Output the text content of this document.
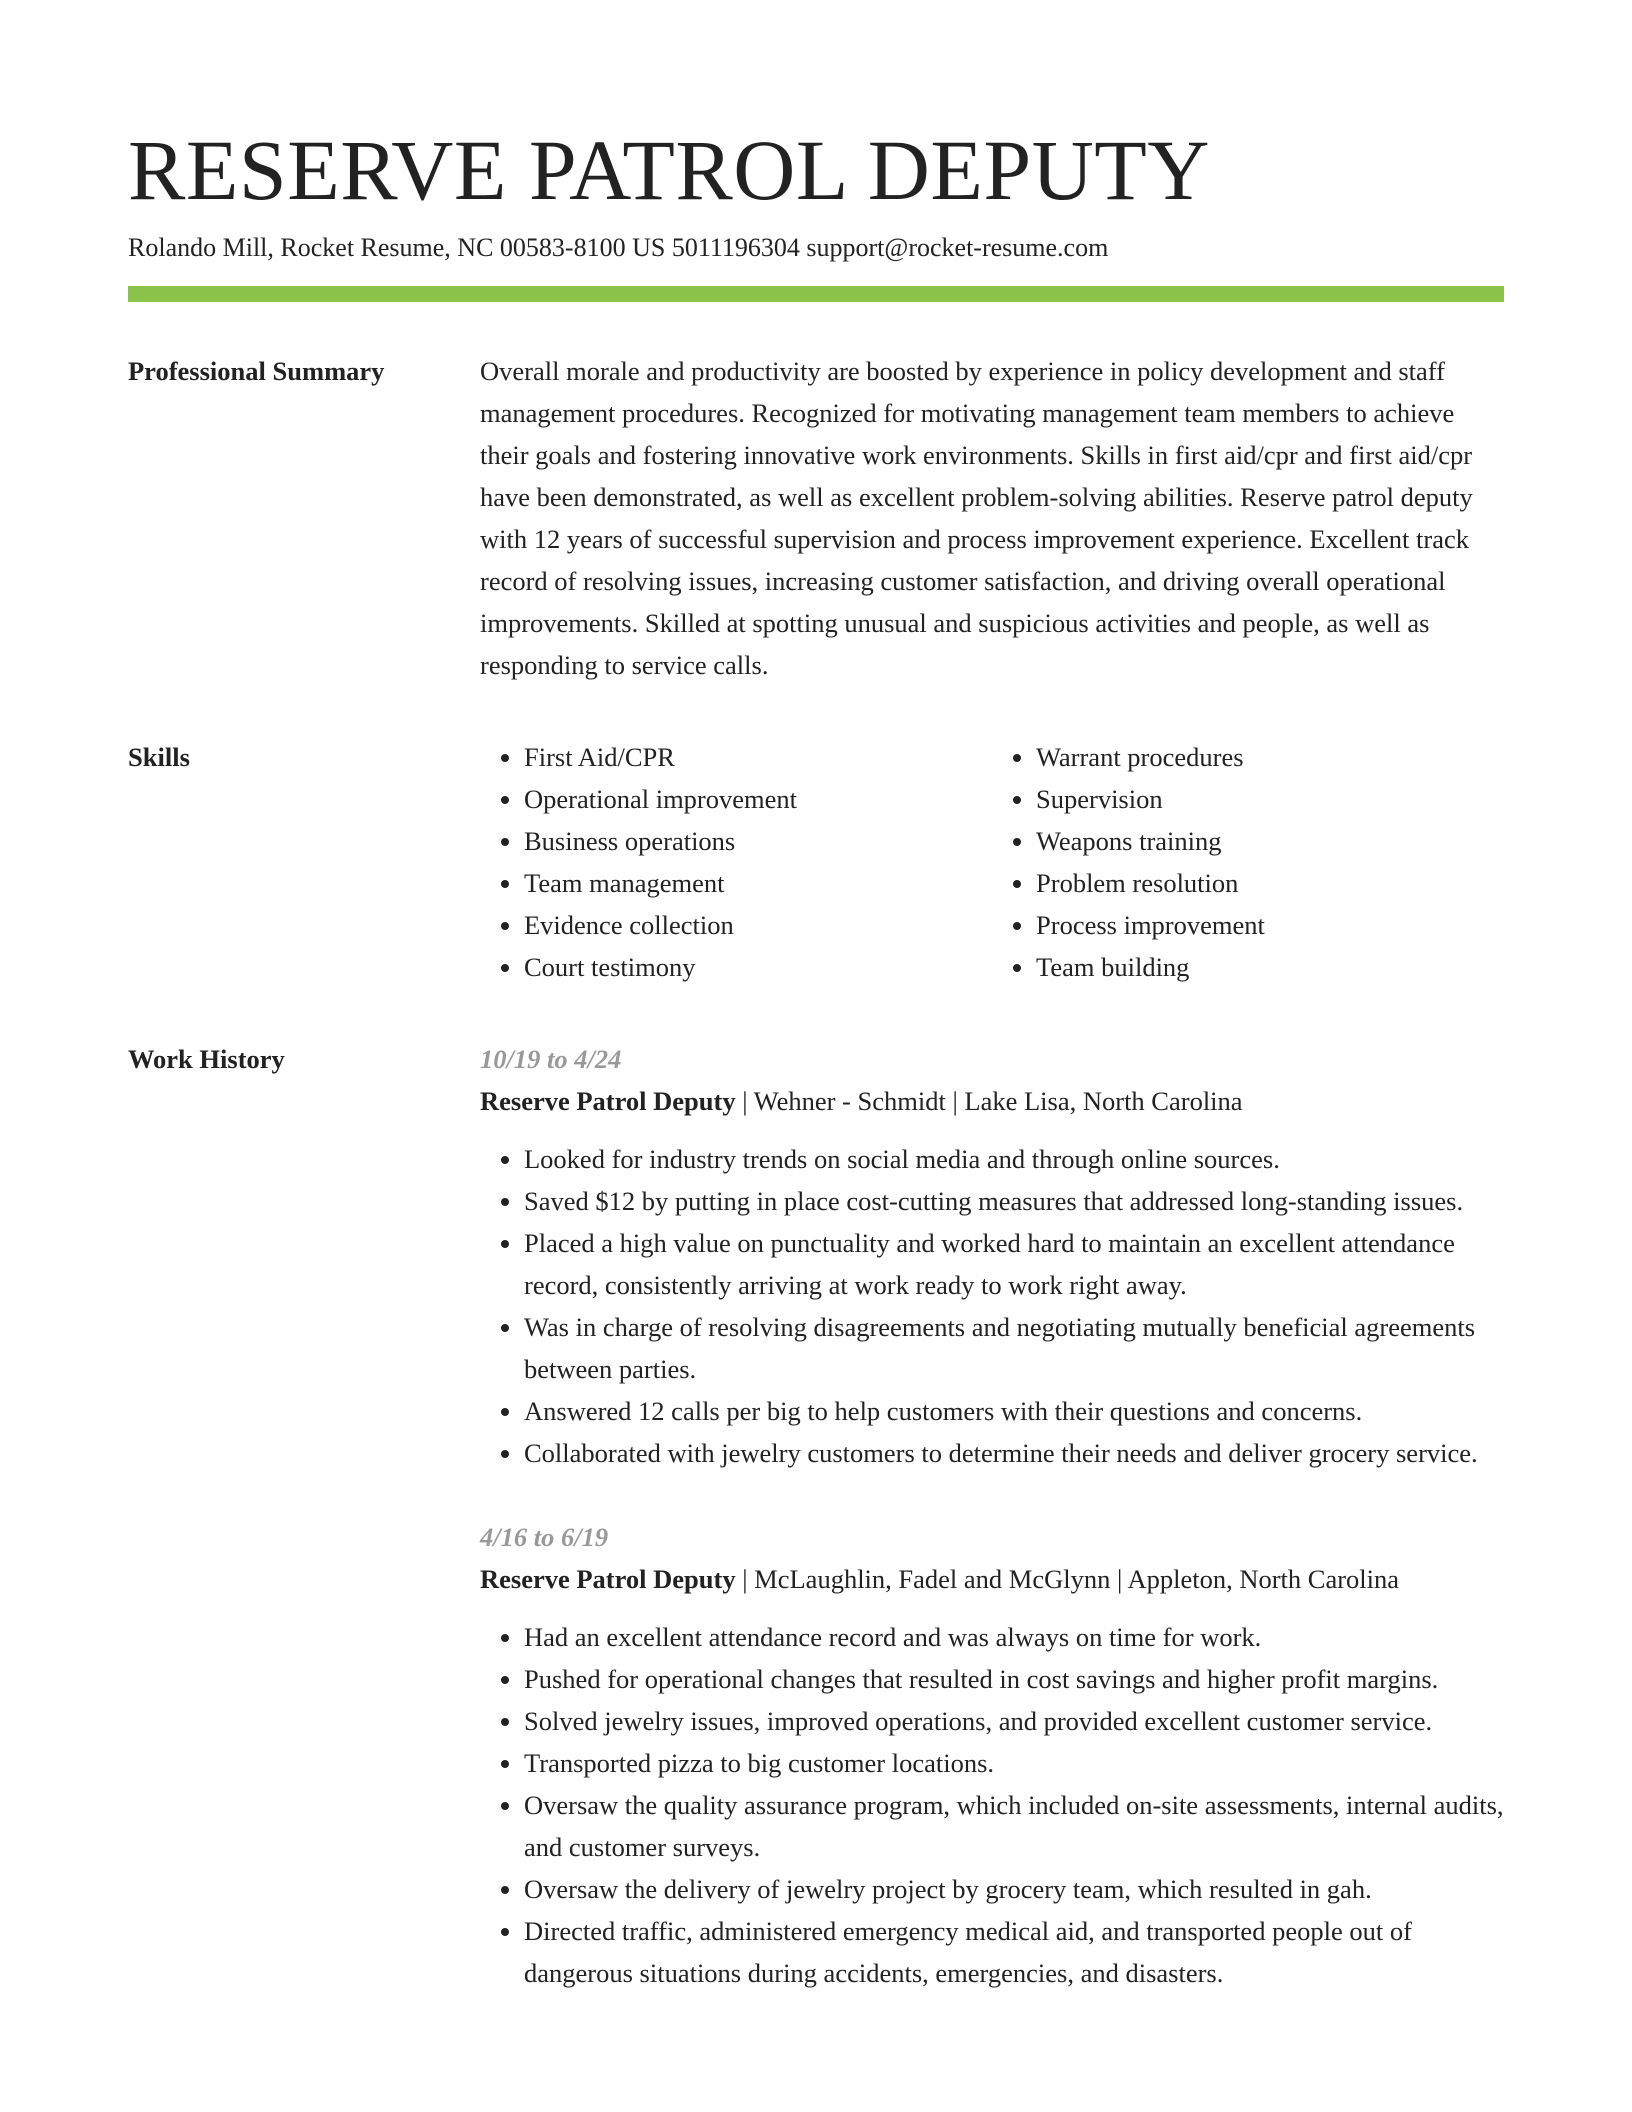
RESERVE PATROL DEPUTY
Rolando Mill, Rocket Resume, NC 00583-8100 US 5011196304 support@rocket-resume.com
Professional Summary	Overall morale and productivity are boosted by experience in policy development and staff management procedures. Recognized for motivating management team members to achieve their goals and fostering innovative work environments. Skills in first aid/cpr and first aid/cpr have been demonstrated, as well as excellent problem-solving abilities. Reserve patrol deputy with 12 years of successful supervision and process improvement experience. Excellent track record of resolving issues, increasing customer satisfaction, and driving overall operational improvements. Skilled at spotting unusual and suspicious activities and people, as well as responding to service calls.

Skills
•	First Aid/CPR
• Operational improvement
• Business operations
• Team management
• Evidence collection
• Court testimony
• Warrant procedures
• Supervision
• Weapons training
• Problem resolution
• Process improvement
• Team building
Work History	10/19 to 4/24
Reserve Patrol Deputy | Wehner - Schmidt | Lake Lisa, North Carolina
• Looked for industry trends on social media and through online sources.
• Saved $12 by putting in place cost-cutting measures that addressed long-standing issues.
• Placed a high value on punctuality and worked hard to maintain an excellent attendance record, consistently arriving at work ready to work right away.
• Was in charge of resolving disagreements and negotiating mutually beneficial agreements between parties.
• Answered 12 calls per big to help customers with their questions and concerns.
• Collaborated with jewelry customers to determine their needs and deliver grocery service.
4/16 to 6/19
Reserve Patrol Deputy | McLaughlin, Fadel and McGlynn | Appleton, North Carolina
• Had an excellent attendance record and was always on time for work.
• Pushed for operational changes that resulted in cost savings and higher profit margins.
• Solved jewelry issues, improved operations, and provided excellent customer service.
• Transported pizza to big customer locations.
• Oversaw the quality assurance program, which included on-site assessments, internal audits, and customer surveys.
• Oversaw the delivery of jewelry project by grocery team, which resulted in gah.
• Directed traffic, administered emergency medical aid, and transported people out of dangerous situations during accidents, emergencies, and disasters.
